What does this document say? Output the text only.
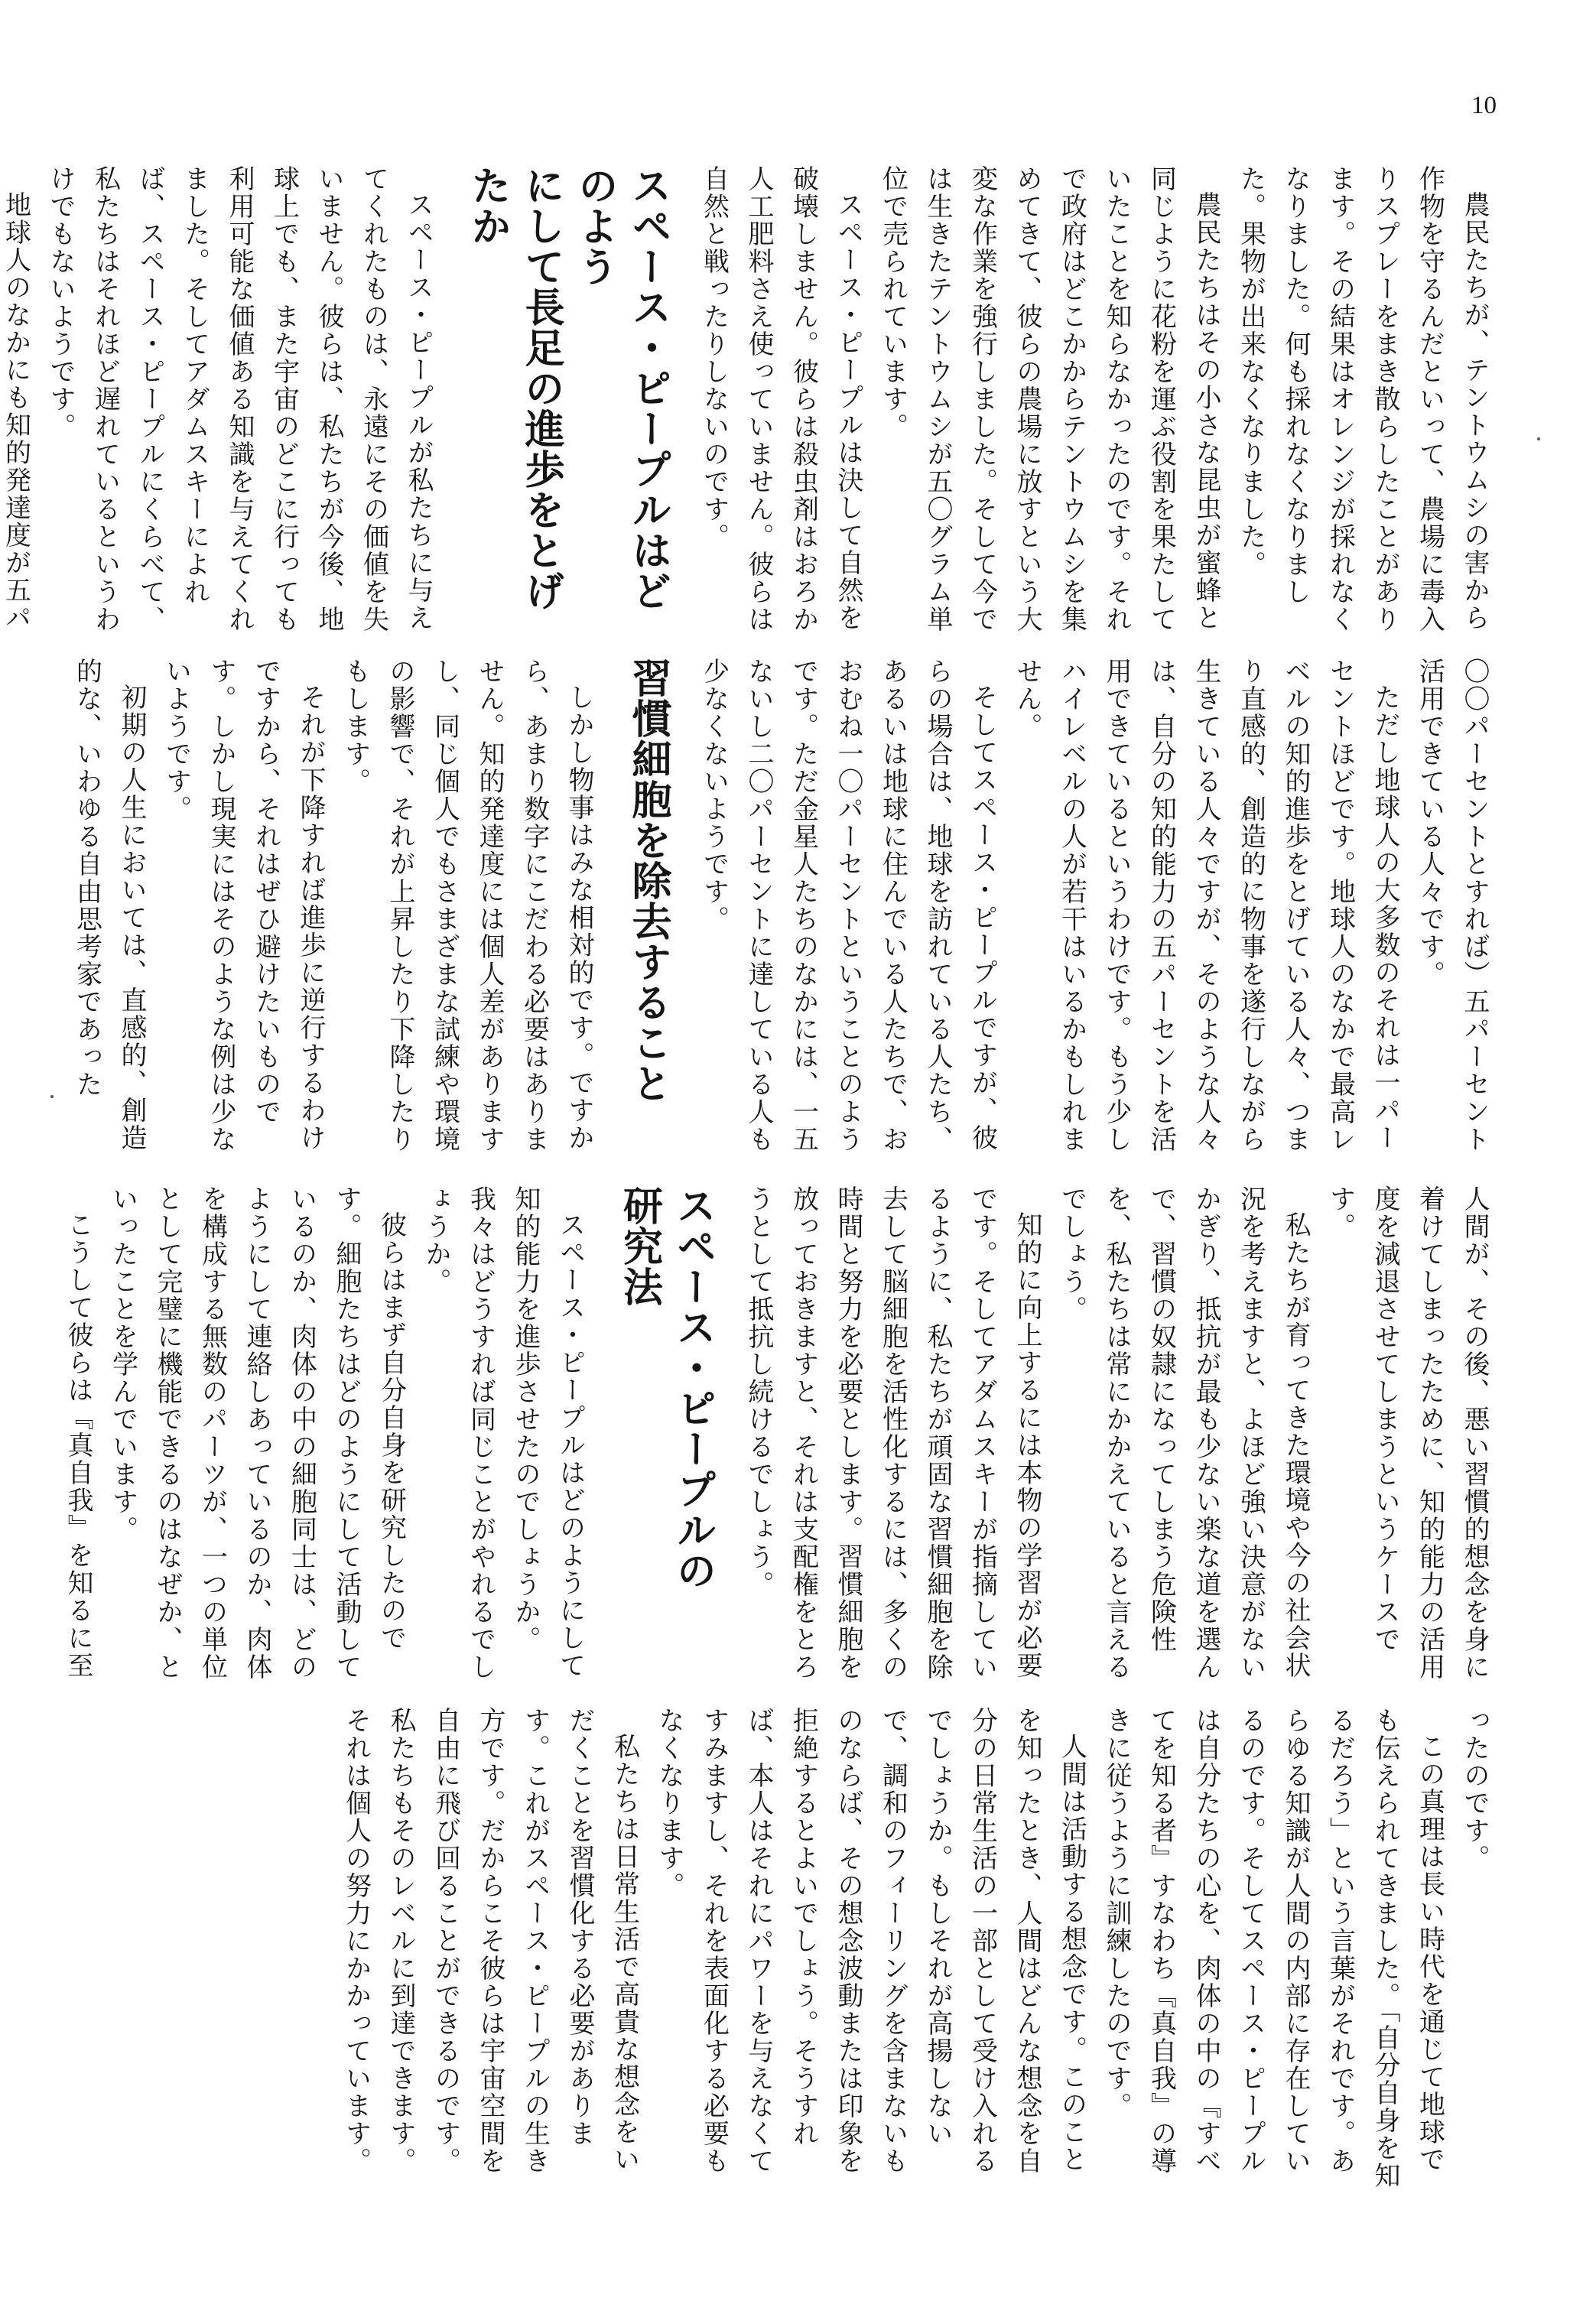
10

農民たちが、テントウムシの害から作物を守るんだといって、農場に毒入りスプレーをまき散らしたことがあります。その結果はオレンジが採れなくなりました。何も採れなくなりました。果物が出来なくなりました。

農民たちはその小さな昆虫が蜜蜂と同じように花粉を運ぶ役割を果たしていたことを知らなかったのです。それで政府はどこかからテントウムシを集めてきて、彼らの農場に放すという大変な作業を強行しました。そして今では生きたテントウムシが五〇グラム単位で売られています。

スペース・ピープルは決して自然を破壊しません。彼らは殺虫剤はおろか人工肥料さえ使っていません。彼らは自然と戦ったりしないのです。

スペース・ピープルはどのよう
にして長足の進歩をとげたか

スペース・ピープルが私たちに与えてくれたものは、永遠にその価値を失いません。彼らは、私たちが今後、地球上でも、また宇宙のどこに行っても利用可能な価値ある知識を与えてくれました。そしてアダムスキーによれば、スペース・ピープルにくらべて、私たちはそれほど遅れているというわけでもないようです。

地球人のなかにも知的発達度が五パ

〇〇パーセントとすれば）五パーセント活用できている人々です。

ただし地球人の大多数のそれは一パーセントほどです。地球人のなかで最高レベルの知的進歩をとげている人々、つまり直感的、創造的に物事を遂行しながら生きている人々ですが、そのような人々は、自分の知的能力の五パーセントを活用できているというわけです。もう少しハイレベルの人が若干はいるかもしれません。

そしてスペース・ピープルですが、彼らの場合は、地球を訪れている人たち、あるいは地球に住んでいる人たちで、おおむね一〇パーセントということのようです。ただ金星人たちのなかには、一五ないし二〇パーセントに達している人も少なくないようです。

習慣細胞を除去すること

しかし物事はみな相対的です。ですから、あまり数字にこだわる必要はありません。知的発達度には個人差がありますし、同じ個人でもさまざまな試練や環境の影響で、それが上昇したり下降したりもします。

それが下降すれば進歩に逆行するわけですから、それはぜひ避けたいものです。しかし現実にはそのような例は少ないようです。

初期の人生においては、直感的、創造的な、いわゆる自由思考家であった

人間が、その後、悪い習慣的想念を身に着けてしまったために、知的能力の活用度を減退させてしまうというケースです。

私たちが育ってきた環境や今の社会状況を考えますと、よほど強い決意がないかぎり、抵抗が最も少ない楽な道を選んで、習慣の奴隷になってしまう危険性を、私たちは常にかかえていると言えるでしょう。

知的に向上するには本物の学習が必要です。そしてアダムスキーが指摘しているように、私たちが頑固な習慣細胞を除去して脳細胞を活性化するには、多くの時間と努力を必要とします。習慣細胞を放っておきますと、それは支配権をとろうとして抵抗し続けるでしょう。

スペース・ピープルの
研究法

スペース・ピープルはどのようにして知的能力を進歩させたのでしょうか。我々はどうすれば同じことがやれるでしょうか。

彼らはまず自分自身を研究したのです。細胞たちはどのようにして活動しているのか、肉体の中の細胞同士は、どのようにして連絡しあっているのか、肉体を構成する無数のパーツが、一つの単位として完璧に機能できるのはなぜか、といったことを学んでいます。

こうして彼らは『真自我』を知るに至

ったのです。

この真理は長い時代を通じて地球でも伝えられてきました。「自分自身を知るだろう」という言葉がそれです。あらゆる知識が人間の内部に存在しているのです。そしてスペース・ピープルは自分たちの心を、肉体の中の『すべてを知る者』すなわち『真自我』の導きに従うように訓練したのです。

人間は活動する想念です。このことを知ったとき、人間はどんな想念を自分の日常生活の一部として受け入れるでしょうか。もしそれが高揚しないで、調和のフィーリングを含まないものならば、その想念波動または印象を拒絶するとよいでしょう。そうすれば、本人はそれにパワーを与えなくてすみますし、それを表面化する必要もなくなります。

私たちは日常生活で高貴な想念をいだくことを習慣化する必要があります。これがスペース・ピープルの生き方です。だからこそ彼らは宇宙空間を自由に飛び回ることができるのです。私たちもそのレベルに到達できます。それは個人の努力にかかっています。
